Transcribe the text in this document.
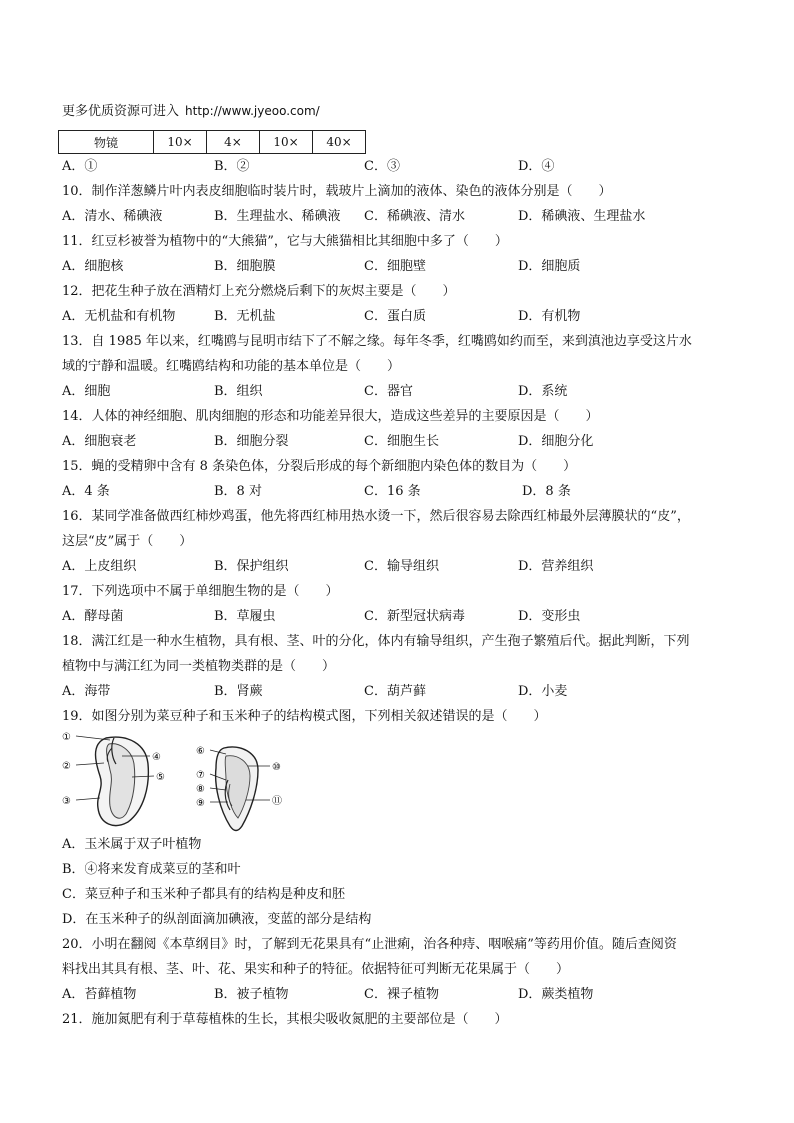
更多优质资源可进入 http://www.jyeoo.com/
物镜	10×	4×	10×	40×
A．①	B．②	C．③	D．④
10．制作洋葱鳞片叶内表皮细胞临时装片时，载玻片上滴加的液体、染色的液体分别是（　　）
A．清水、稀碘液	B．生理盐水、稀碘液 C．稀碘液、清水	D．稀碘液、生理盐水
11．红豆杉被誉为植物中的“大熊猫”，它与大熊猫相比其细胞中多了（　　）
A．细胞核	B．细胞膜	C．细胞壁	D．细胞质
12．把花生种子放在酒精灯上充分燃烧后剩下的灰烬主要是（　　）
A．无机盐和有机物	B．无机盐	C．蛋白质	D．有机物
13．自 1985 年以来，红嘴鸥与昆明市结下了不解之缘。每年冬季，红嘴鸥如约而至，来到滇池边享受这片水
域的宁静和温暖。红嘴鸥结构和功能的基本单位是（　　）
A．细胞	B．组织	C．器官	D．系统
14．人体的神经细胞、肌肉细胞的形态和功能差异很大，造成这些差异的主要原因是（　　）
A．细胞衰老	B．细胞分裂	C．细胞生长	D．细胞分化
15．蝇的受精卵中含有 8 条染色体，分裂后形成的每个新细胞内染色体的数目为（　　）
A．4 条	B．8 对	C．16 条	D．8 条
16．某同学准备做西红柿炒鸡蛋，他先将西红柿用热水烫一下，然后很容易去除西红柿最外层薄膜状的“皮”，
这层“皮”属于（　　）
A．上皮组织	B．保护组织	C．输导组织	D．营养组织
17．下列选项中不属于单细胞生物的是（　　）
A．酵母菌	B．草履虫	C．新型冠状病毒	D．变形虫
18．满江红是一种水生植物，具有根、茎、叶的分化，体内有输导组织，产生孢子繁殖后代。据此判断，下列
植物中与满江红为同一类植物类群的是（　　）
A．海带	B．肾蕨	C．葫芦藓	D．小麦
19．如图分别为菜豆种子和玉米种子的结构模式图，下列相关叙述错误的是（　　）
①
②
③
④
⑤
⑥
⑦
⑧
⑨
⑩
⑪
A．玉米属于双子叶植物
B．④将来发育成菜豆的茎和叶
C．菜豆种子和玉米种子都具有的结构是种皮和胚
D．在玉米种子的纵剖面滴加碘液，变蓝的部分是结构
20．小明在翻阅《本草纲目》时，了解到无花果具有“止泄痢，治各种痔、咽喉痛”等药用价值。随后查阅资
料找出其具有根、茎、叶、花、果实和种子的特征。依据特征可判断无花果属于（　　）
A．苔藓植物	B．被子植物	C．裸子植物	D．蕨类植物
21．施加氮肥有利于草莓植株的生长，其根尖吸收氮肥的主要部位是（　　）
